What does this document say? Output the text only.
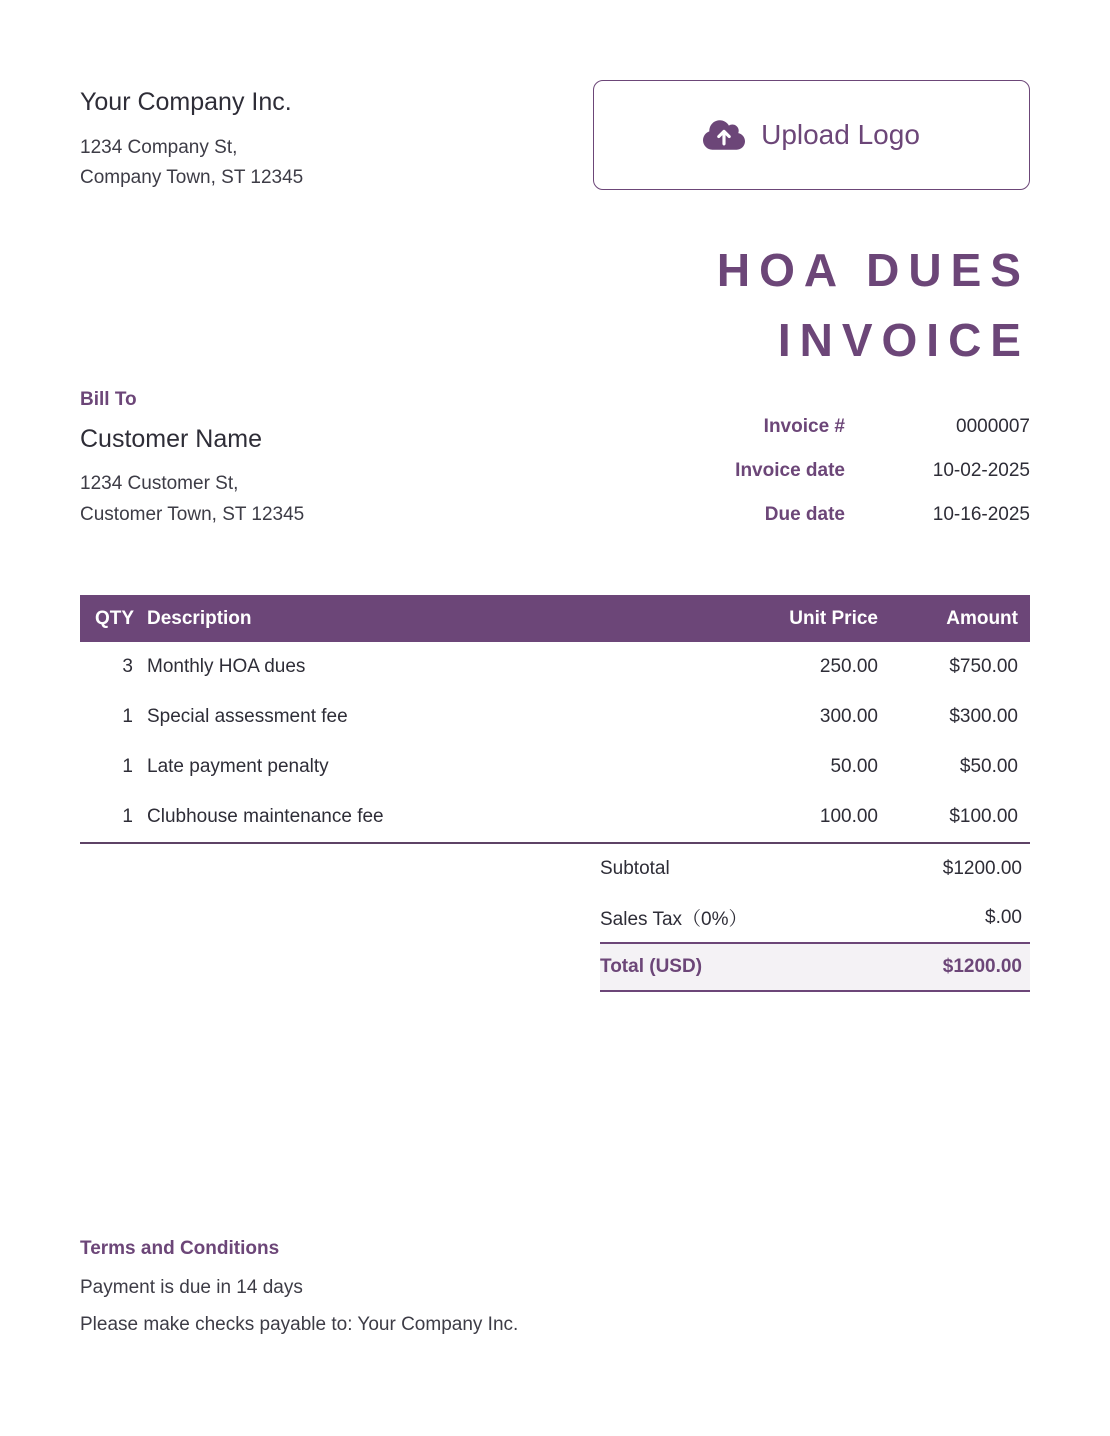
Your Company Inc.
1234 Company St,
Company Town, ST 12345
Upload Logo
HOA DUES
INVOICE
Bill To
Customer Name
1234 Customer St,
Customer Town, ST 12345
Invoice #	0000007
Invoice date	10-02-2025
Due date	10-16-2025
QTY Description	Unit Price	Amount
3 Monthly HOA dues	250.00	$750.00
1 Special assessment fee	300.00	$300.00
1 Late payment penalty	50.00	$50.00
1 Clubhouse maintenance fee	100.00	$100.00
Subtotal	$1200.00
Sales Tax（0%）	$.00
Total (USD)	$1200.00
Terms and Conditions
Payment is due in 14 days
Please make checks payable to: Your Company Inc.
